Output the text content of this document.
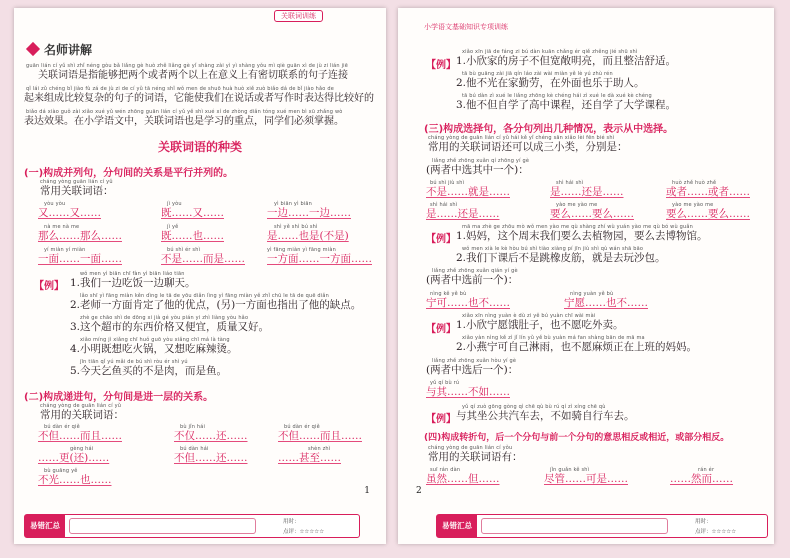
关联词训练
名师讲解
guān lián cí yǔ shì zhǐ néng gòu bǎ liǎng gè huò zhě liǎng gè yǐ shàng zài yì yì shàng yǒu mì qiè guān xì de jù zi lián jiē
关联词语是指能够把两个或者两个以上在意义上有密切联系的句子连接
qǐ lái zǔ chéng bǐ jiào fù zá de jù zi de cí yǔ tā néng shǐ wǒ men de shuō huà huò xiě zuò biǎo dá de bǐ jiào hǎo de
起来组成比较复杂的句子的词语，它能使我们在说话或者写作时表达得比较好的
biǎo dá xiào guǒ zài xiǎo xué yǔ wén zhōng guān lián cí yǔ yě shì xué xí de zhòng diǎn tóng xué men bì xū zhǎng wò
表达效果。在小学语文中，关联词语也是学习的重点，同学们必须掌握。
关联词语的种类
(一)构成并列句，分句间的关系是平行并列的。
cháng yòng guān lián cí yǔ
常用关联词语：
yòu yòu	jì yòu	yì biān yì biān
又……又……	既……又……	一边……一边……
nà me nà me	jì yě	shì yě shì bú shì
那么……那么……	既……也……	是……也是(不是)
yí miàn yí miàn	bú shì ér shì	yì fāng miàn yì fāng miàn
一面……一面……	不是……而是…… 一方面……一方面……
【例】
wǒ men yì biān chī fàn yì biān liáo tiān
1.我们一边吃饭一边聊天。
lǎo shī yì fāng miàn kěn dìng le tā de yōu diǎn lìng yì fāng miàn yě zhǐ chū le tā de quē diǎn
2.老师一方面肯定了他的优点，(另)一方面也指出了他的缺点。
zhè ge chāo shì de dōng xi jià gé yòu pián yi zhì liàng yòu hǎo
3.这个超市的东西价格又便宜，质量又好。
xiǎo míng jì xiǎng chī huǒ guō yòu xiǎng chī má là tàng
4.小明既想吃火锅，又想吃麻辣烫。
jīn tiān qǐ yú mǎi de bú shì ròu ér shì yú
5.今天乞鱼买的不是肉，而是鱼。
(二)构成递进句，分句间是进一层的关系。
cháng yòng de guān lián cí yǔ
常用的关联词语：
bú dàn ér qiě	bù jǐn hái	bú dàn ér qiě
不但……而且……	不仅……还……	不但……而且……
gèng hái	bú dàn hái	shèn zhì
……更(还)……	不但……还……	……甚至……
bù guāng yě
不光……也……
1
易错汇总	用时：
点评：☆☆☆☆☆
小学语文基础知识专项训练
【例】
xiǎo xīn jiā de fáng zi bú dàn kuān chǎng ér qiě zhěng jié shū shì
1.小欣家的房子不但宽敞明亮，而且整洁舒适。
tā bù guāng zài jiā qín láo zài wài miàn yě lè yú zhù rén
2.他不光在家勤劳，在外面也乐于助人。
tā bú dàn zì xué le liǎng zhōng kè chéng hái zì xué le dà xué kè chéng
3.他不但自学了高中课程，还自学了大学课程。
(三)构成选择句，各分句列出几种情况，表示从中选择。
cháng yòng de guān lián cí yǔ hái kě yǐ chéng sān xiǎo lèi fēn bié shì
常用的关联词语还可以成三小类，分别是：
liǎng zhě zhōng xuǎn qí zhōng yí gè
(两者中选其中一个)：
bú shì jiù shì	shì hái shì	huò zhě huò zhě
不是……就是……	是……还是……	或者……或者……
shì hái shì	yào me yào me	yào me yào me
是……还是……	要么……要么……	要么……要么……
【例】
mā ma zhè ge zhōu mò wǒ men yào me qù shàng zhí wù yuán yào me qù bó wù guǎn
1.妈妈，这个周末我们要么去植物园，要么去博物馆。
wǒ men xià le kè hòu bú shì tiào xiàng pí jīn jiù shì qù wán shā bāo
2.我们下课后不是跳橡皮筋，就是去玩沙包。
liǎng zhě zhōng xuǎn qián yí gè
(两者中选前一个)：
nìng kě yě bù	nìng yuàn yě bù
宁可……也不……	宁愿……也不……
【例】
xiǎo xīn nìng yuàn è dù zi yě bú yuàn chī wài mài
1.小欣宁愿饿肚子，也不愿吃外卖。
xiǎo yàn nìng kě zì jǐ lín yǔ yě bù yuàn má fan shàng bān de mā ma
2.小燕宁可自己淋雨，也不愿麻烦正在上班的妈妈。
liǎng zhě zhōng xuǎn hòu yí gè
(两者中选后一个)：
yǔ qí bù rú
与其……不如……
【例】
yǔ qí zuò gōng gòng qì chē qù bù rú qí zì xíng chē qù
与其坐公共汽车去，不如骑自行车去。
(四)构成转折句，后一个分句与前一个分句的意思相反或相近，或部分相反。
cháng yòng de guān lián cí yǒu
常用的关联词语有：
suī rán dàn	jǐn guǎn kě shì	rán ér
虽然……但……	尽管……可是……	……然而……
2
易错汇总	用时：
点评：☆☆☆☆☆
